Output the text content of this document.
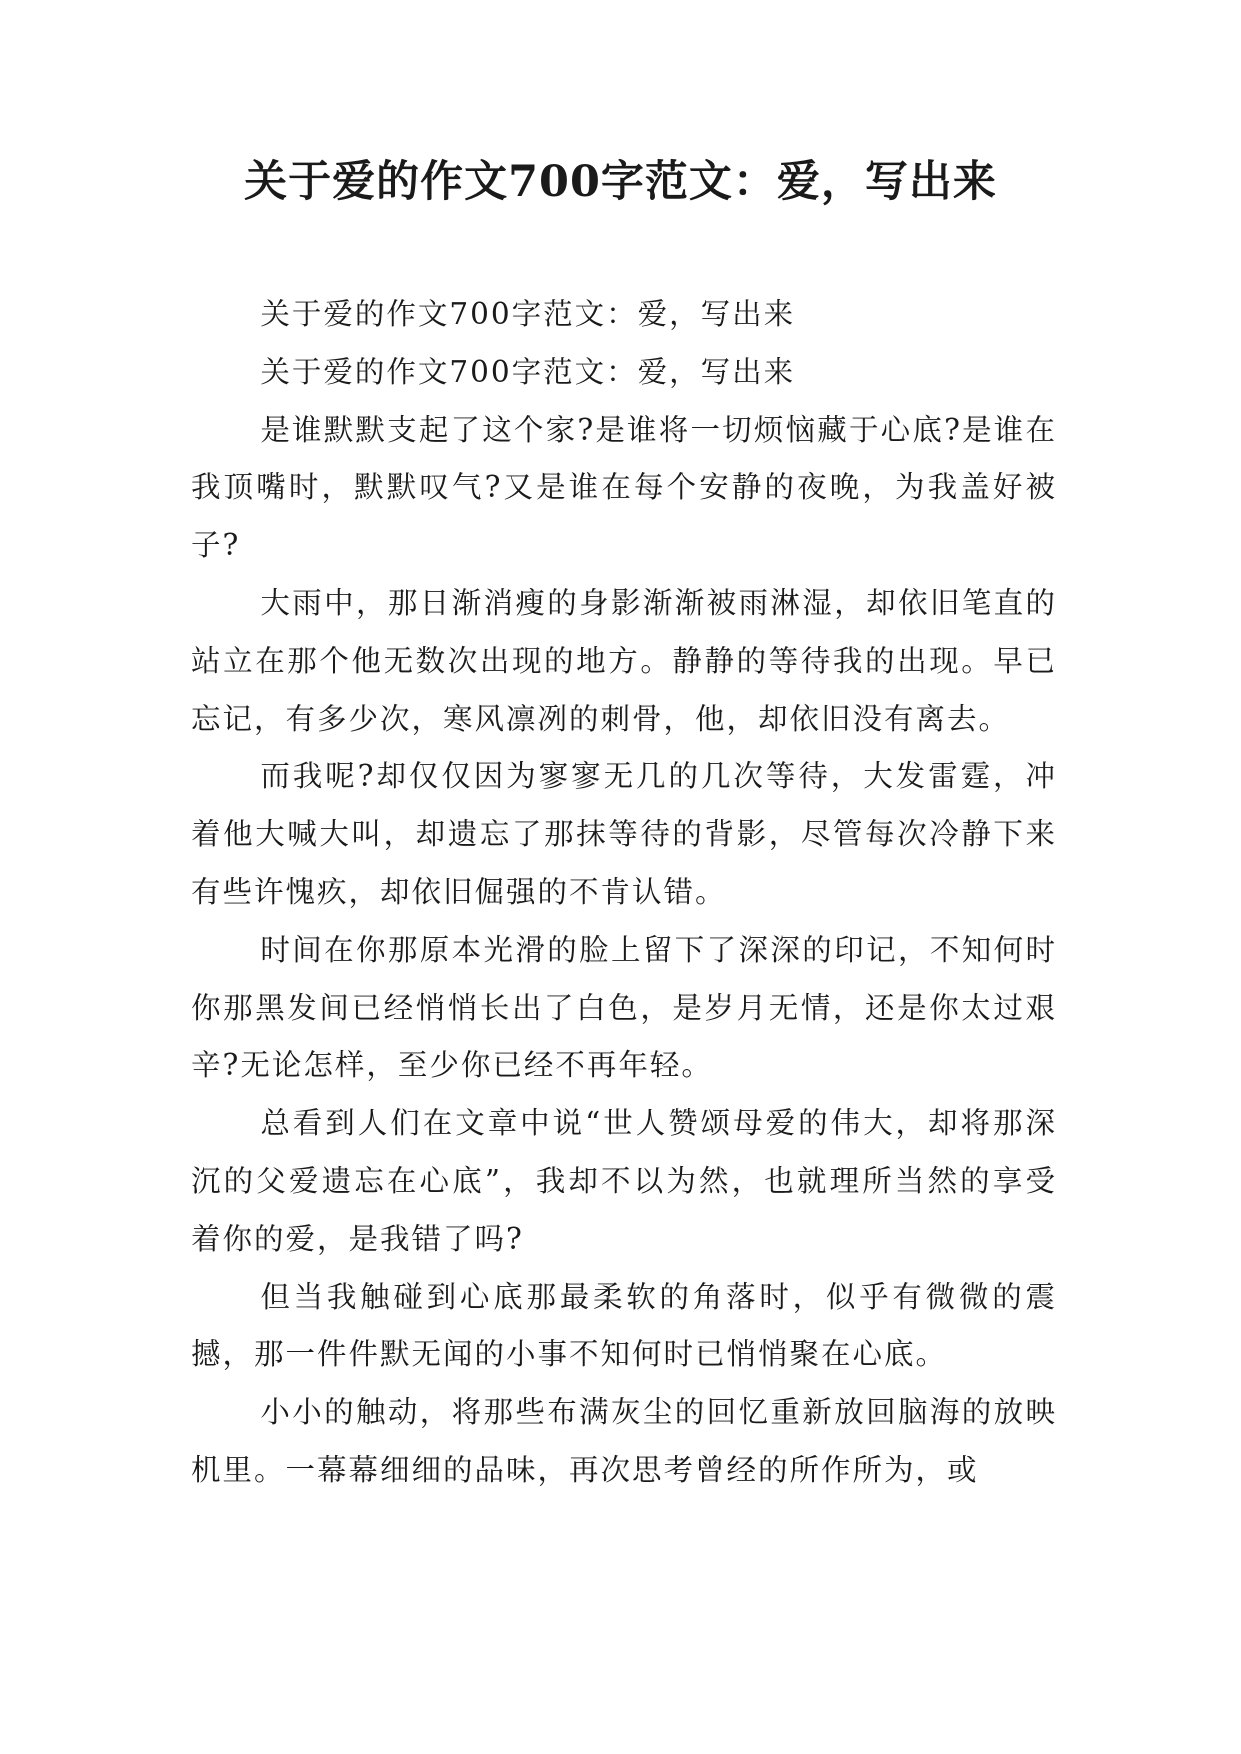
关于爱的作文700字范文：爱，写出来

关于爱的作文700字范文：爱，写出来

关于爱的作文700字范文：爱，写出来

是谁默默支起了这个家?是谁将一切烦恼藏于心底?是谁在我顶嘴时，默默叹气?又是谁在每个安静的夜晚，为我盖好被子?

大雨中，那日渐消瘦的身影渐渐被雨淋湿，却依旧笔直的站立在那个他无数次出现的地方。静静的等待我的出现。早已忘记，有多少次，寒风凛冽的刺骨，他，却依旧没有离去。

而我呢?却仅仅因为寥寥无几的几次等待，大发雷霆，冲着他大喊大叫，却遗忘了那抹等待的背影，尽管每次冷静下来有些许愧疚，却依旧倔强的不肯认错。

时间在你那原本光滑的脸上留下了深深的印记，不知何时你那黑发间已经悄悄长出了白色，是岁月无情，还是你太过艰辛?无论怎样，至少你已经不再年轻。

总看到人们在文章中说“世人赞颂母爱的伟大，却将那深沉的父爱遗忘在心底”，我却不以为然，也就理所当然的享受着你的爱，是我错了吗?

但当我触碰到心底那最柔软的角落时，似乎有微微的震撼，那一件件默无闻的小事不知何时已悄悄聚在心底。

小小的触动，将那些布满灰尘的回忆重新放回脑海的放映机里。一幕幕细细的品味，再次思考曾经的所作所为，或
